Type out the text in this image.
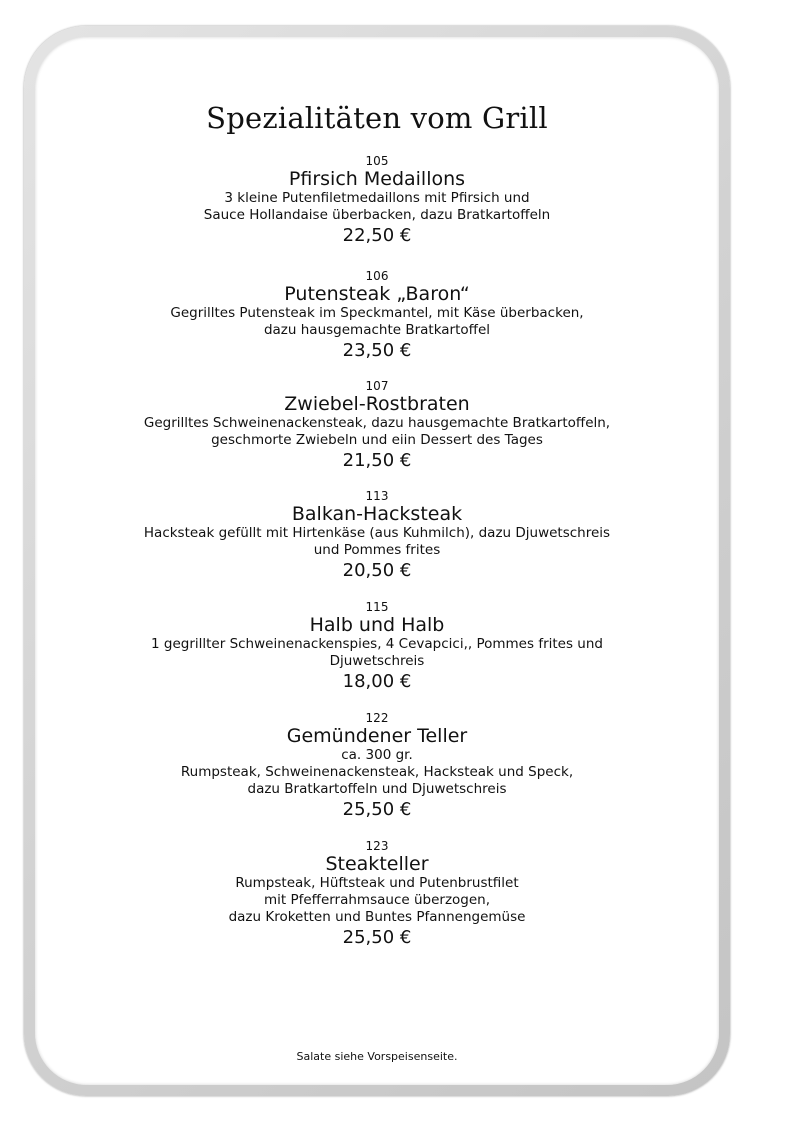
Spezialitäten vom Grill

105

Pfirsich Medaillons

3 kleine Putenfiletmedaillons mit Pfirsich und

Sauce Hollandaise überbacken, dazu Bratkartoffeln

22,50 €

106

Putensteak „Baron“

Gegrilltes Putensteak im Speckmantel, mit Käse überbacken,

dazu hausgemachte Bratkartoffel

23,50 €

107

Zwiebel-Rostbraten

Gegrilltes Schweinenackensteak, dazu hausgemachte Bratkartoffeln,

geschmorte Zwiebeln und eiin Dessert des Tages

21,50 €

113

Balkan-Hacksteak

Hacksteak gefüllt mit Hirtenkäse (aus Kuhmilch), dazu Djuwetschreis

und Pommes frites

20,50 €

115

Halb und Halb

1 gegrillter Schweinenackenspies, 4 Cevapcici,, Pommes frites und

Djuwetschreis

18,00 €

122

Gemündener Teller

ca. 300 gr.

Rumpsteak, Schweinenackensteak, Hacksteak und Speck,

dazu Bratkartoffeln und Djuwetschreis

25,50 €

123

Steakteller

Rumpsteak, Hüftsteak und Putenbrustfilet

mit Pfefferrahmsauce überzogen,

dazu Kroketten und Buntes Pfannengemüse

25,50 €

Salate siehe Vorspeisenseite.
